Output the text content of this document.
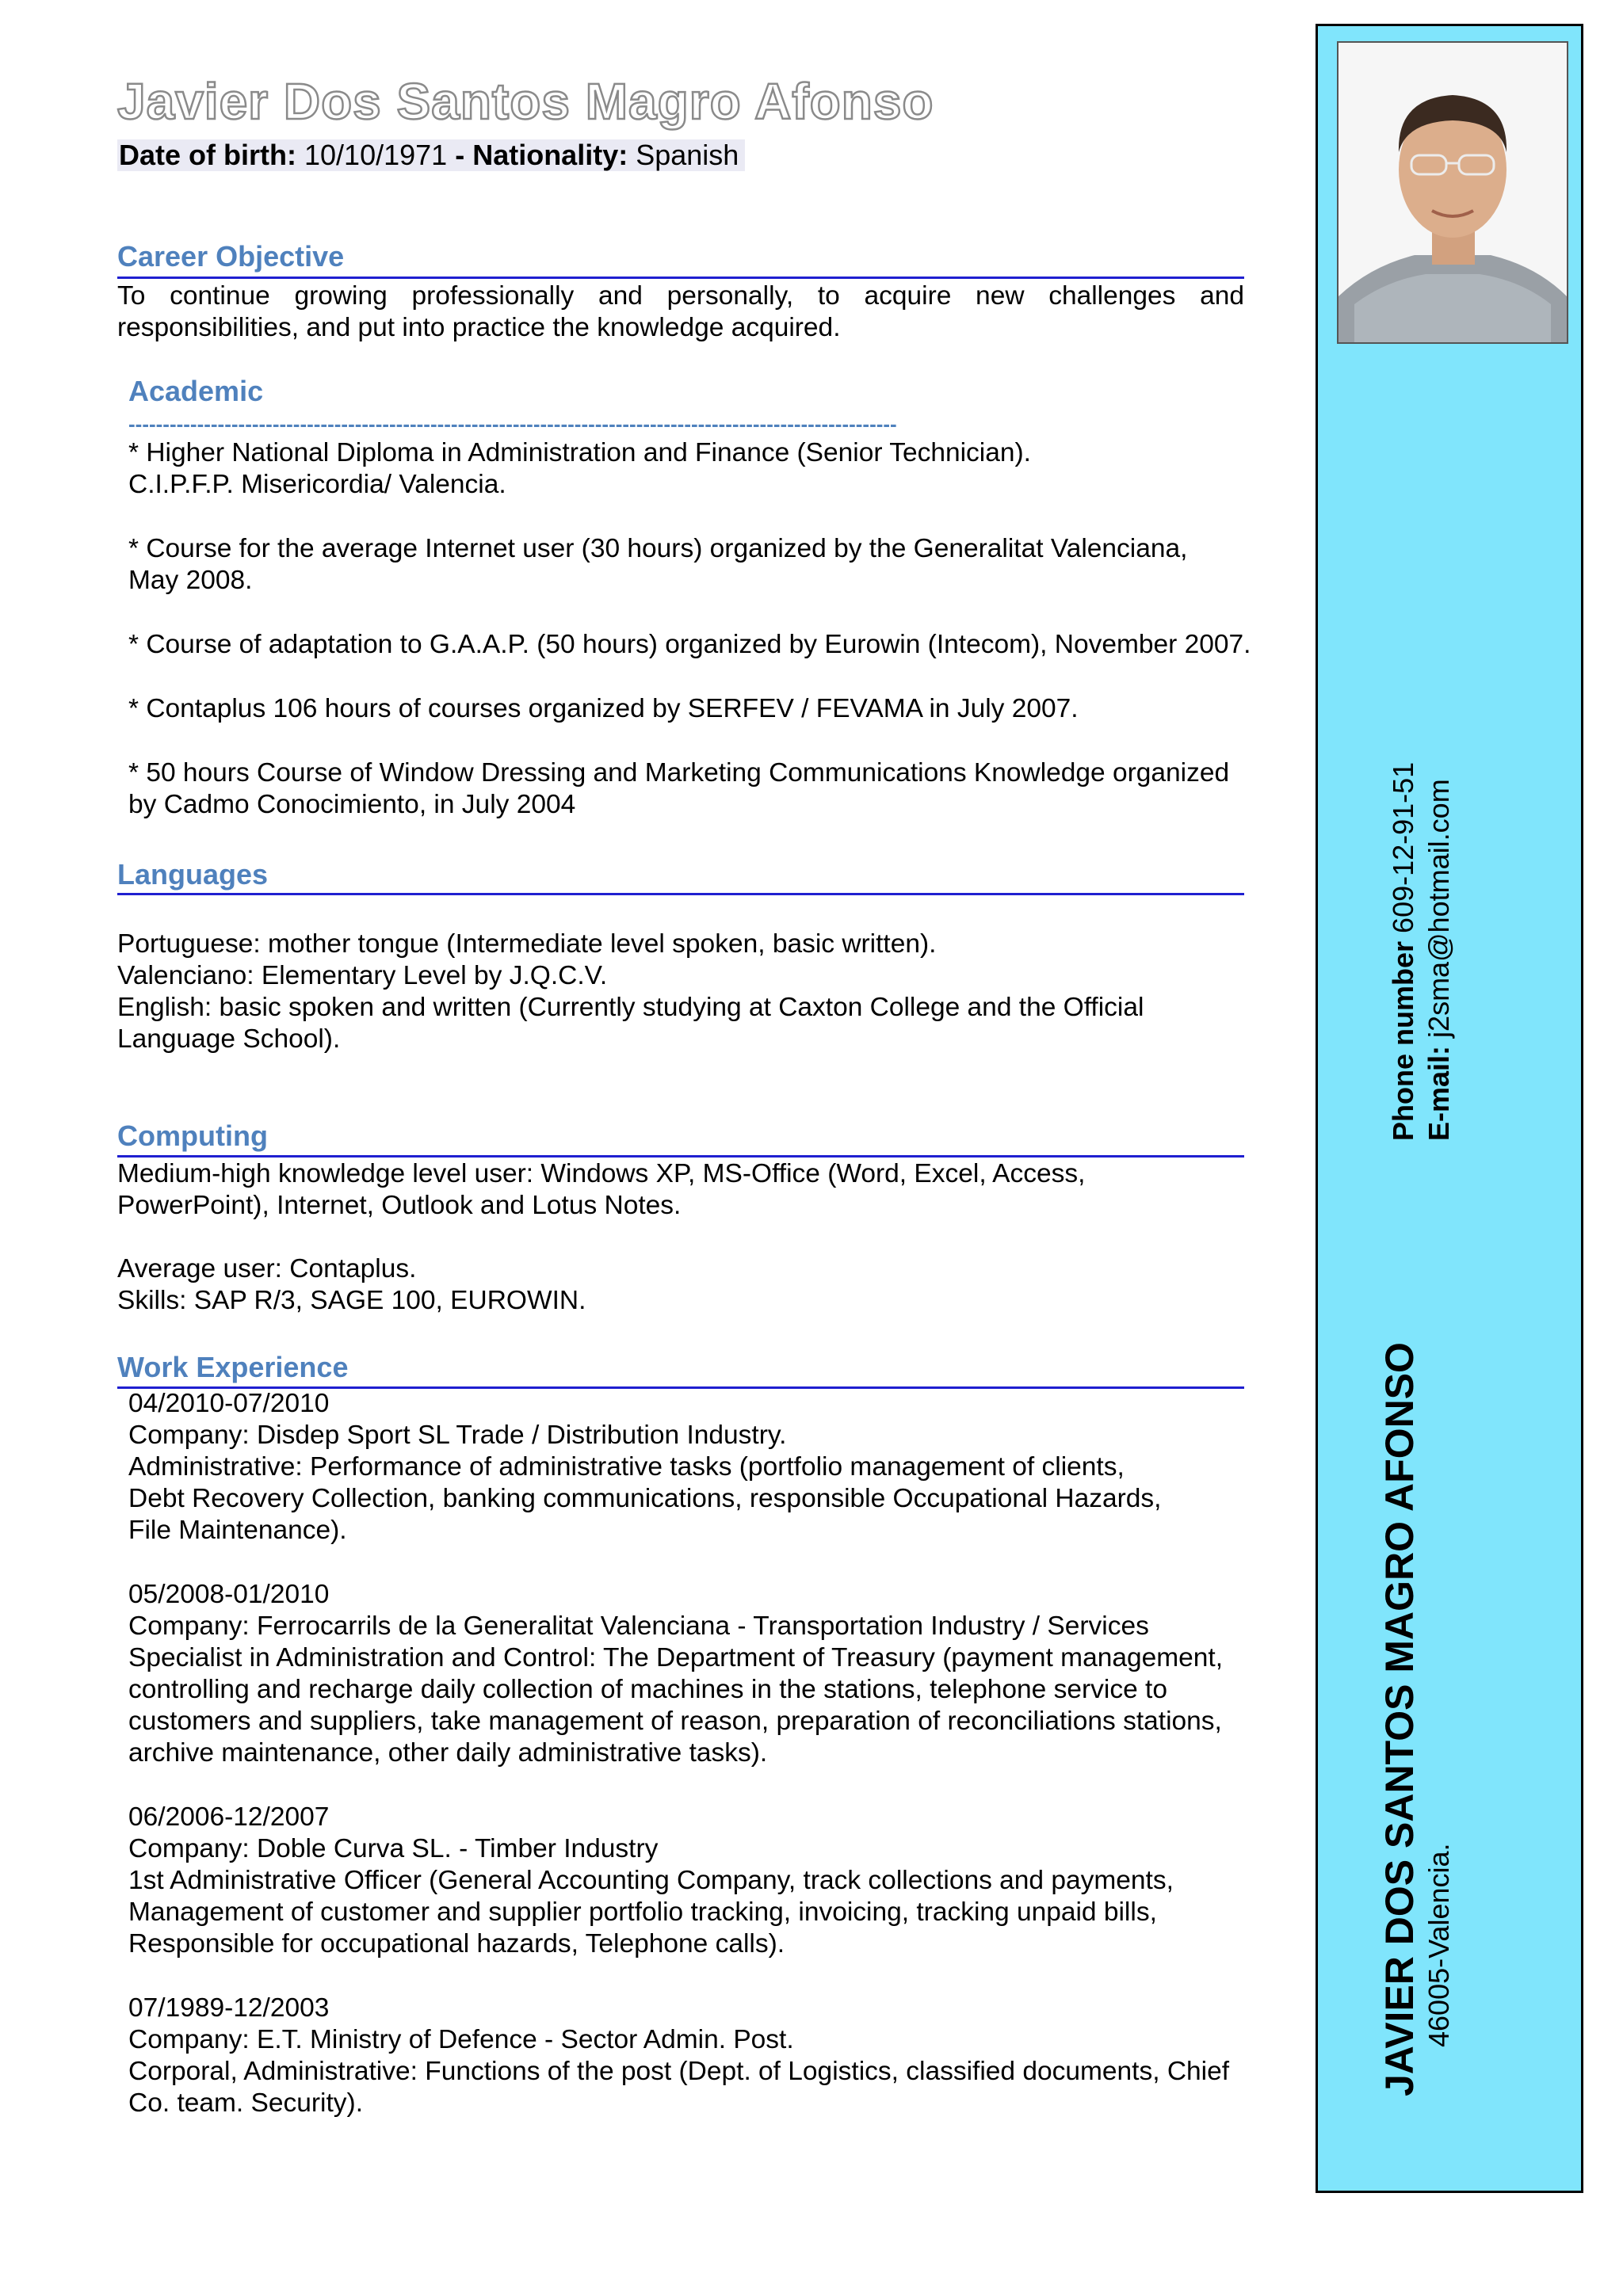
Javier Dos Santos Magro Afonso
Date of birth: 10/10/1971 - Nationality: Spanish
Career Objective
To continue growing professionally and personally, to acquire new challenges and responsibilities, and put into practice the knowledge acquired.
Academic
----------------------------------------------------------------------------------------------------------------

* Higher National Diploma in Administration and Finance (Senior Technician).

C.I.P.F.P. Misericordia/ Valencia.

* Course for the average Internet user (30 hours) organized by the Generalitat Valenciana,

May 2008.

* Course of adaptation to G.A.A.P. (50 hours) organized by Eurowin (Intecom), November 2007.

* Contaplus 106 hours of courses organized by SERFEV / FEVAMA in July 2007.

* 50 hours Course of Window Dressing and Marketing Communications Knowledge organized

by Cadmo Conocimiento, in July 2004

Languages

Portuguese: mother tongue (Intermediate level spoken, basic written).

Valenciano: Elementary Level by J.Q.C.V.

English: basic spoken and written (Currently studying at Caxton College and the Official

Language School).

Computing

Medium-high knowledge level user: Windows XP, MS-Office (Word, Excel, Access,

PowerPoint), Internet, Outlook and Lotus Notes.

Average user: Contaplus.

Skills: SAP R/3, SAGE 100, EUROWIN.

Work Experience

04/2010-07/2010

Company: Disdep Sport SL Trade / Distribution Industry.

Administrative: Performance of administrative tasks (portfolio management of clients,

Debt Recovery Collection, banking communications, responsible Occupational Hazards,

File Maintenance).

05/2008-01/2010

Company: Ferrocarrils de la Generalitat Valenciana - Transportation Industry / Services

Specialist in Administration and Control: The Department of Treasury (payment management,

controlling and recharge daily collection of machines in the stations, telephone service to

customers and suppliers, take management of reason, preparation of reconciliations stations,

archive maintenance, other daily administrative tasks).

06/2006-12/2007

Company: Doble Curva SL. - Timber Industry

1st Administrative Officer (General Accounting Company, track collections and payments,

Management of customer and supplier portfolio tracking, invoicing, tracking unpaid bills,

Responsible for occupational hazards, Telephone calls).

07/1989-12/2003

Company: E.T. Ministry of Defence - Sector Admin. Post.

Corporal, Administrative: Functions of the post (Dept. of Logistics, classified documents, Chief

Co. team. Security).

JAVIER DOS SANTOS MAGRO AFONSO 46005-Valencia.
Phone number 609-12-91-51
E-mail: j2sma@hotmail.com
